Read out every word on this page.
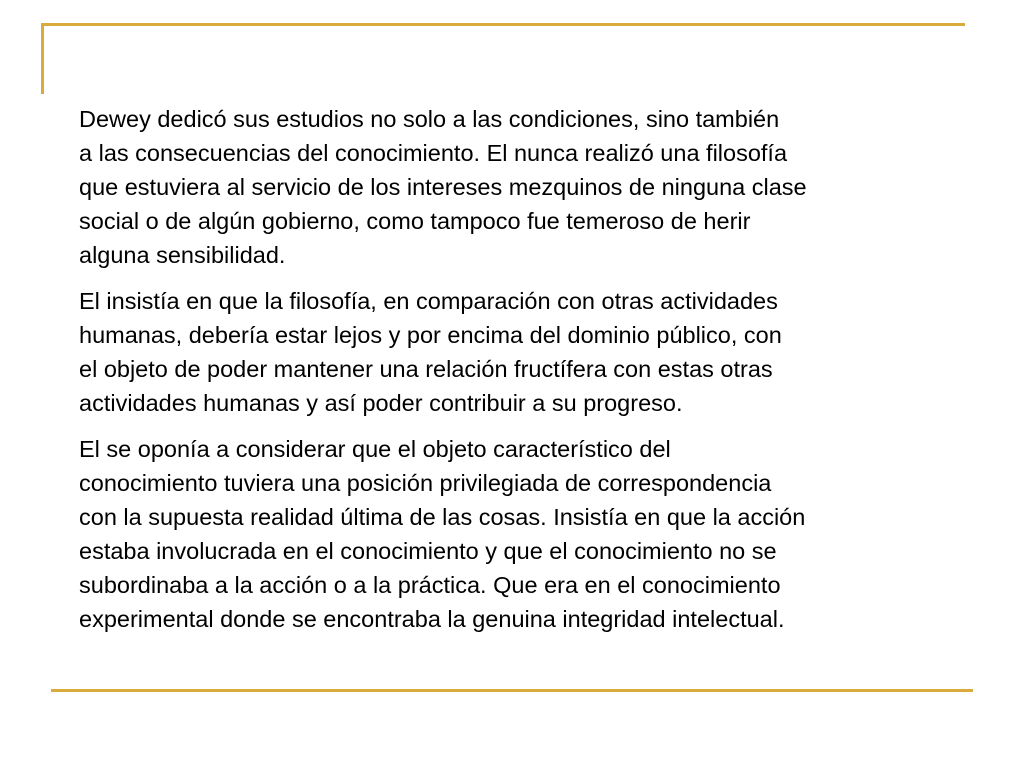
Dewey dedicó sus estudios no solo a las condiciones, sino también
a las consecuencias del conocimiento. El nunca realizó una filosofía
que estuviera al servicio de los intereses mezquinos de ninguna clase
social o de algún gobierno, como tampoco fue temeroso de herir
alguna sensibilidad.

El insistía en que la filosofía, en comparación con otras actividades
humanas, debería estar lejos y por encima del dominio público, con
el objeto de poder mantener una relación fructífera con estas otras
actividades humanas y así poder contribuir a su progreso.

El se oponía a considerar que el objeto característico del
conocimiento tuviera una posición privilegiada de correspondencia
con la supuesta realidad última de las cosas. Insistía en que la acción
estaba involucrada en el conocimiento y que el conocimiento no se
subordinaba a la acción o a la práctica. Que era en el conocimiento
experimental donde se encontraba la genuina integridad intelectual.
